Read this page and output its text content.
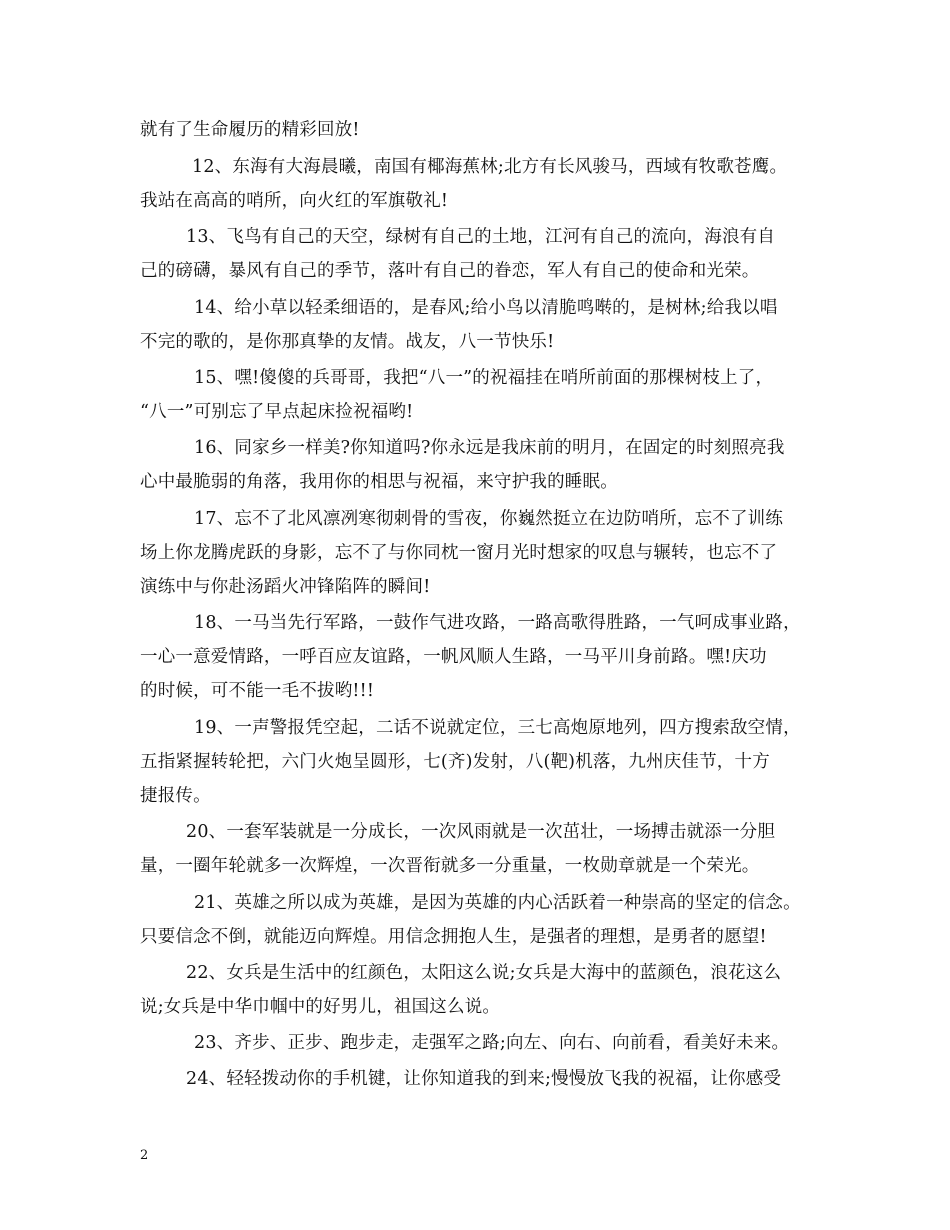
就有了生命履历的精彩回放!
12、东海有大海晨曦，南国有椰海蕉林;北方有长风骏马，西域有牧歌苍鹰。
我站在高高的哨所，向火红的军旗敬礼!
13、飞鸟有自己的天空，绿树有自己的土地，江河有自己的流向，海浪有自
己的磅礴，暴风有自己的季节，落叶有自己的眷恋，军人有自己的使命和光荣。
14、给小草以轻柔细语的，是春风;给小鸟以清脆鸣啭的，是树林;给我以唱
不完的歌的，是你那真挚的友情。战友，八一节快乐!
15、嘿!傻傻的兵哥哥，我把“八一”的祝福挂在哨所前面的那棵树枝上了，
“八一”可别忘了早点起床捡祝福哟!
16、同家乡一样美?你知道吗?你永远是我床前的明月，在固定的时刻照亮我
心中最脆弱的角落，我用你的相思与祝福，来守护我的睡眠。
17、忘不了北风凛冽寒彻刺骨的雪夜，你巍然挺立在边防哨所，忘不了训练
场上你龙腾虎跃的身影，忘不了与你同枕一窗月光时想家的叹息与辗转，也忘不了
演练中与你赴汤蹈火冲锋陷阵的瞬间!
18、一马当先行军路，一鼓作气进攻路，一路高歌得胜路，一气呵成事业路，
一心一意爱情路，一呼百应友谊路，一帆风顺人生路，一马平川身前路。嘿!庆功
的时候，可不能一毛不拔哟!!!
19、一声警报凭空起，二话不说就定位，三七高炮原地列，四方搜索敌空情，
五指紧握转轮把，六门火炮呈圆形，七(齐)发射，八(靶)机落，九州庆佳节，十方
捷报传。
20、一套军装就是一分成长，一次风雨就是一次茁壮，一场搏击就添一分胆
量，一圈年轮就多一次辉煌，一次晋衔就多一分重量，一枚勋章就是一个荣光。
21、英雄之所以成为英雄，是因为英雄的内心活跃着一种崇高的坚定的信念。
只要信念不倒，就能迈向辉煌。用信念拥抱人生，是强者的理想，是勇者的愿望!
22、女兵是生活中的红颜色，太阳这么说;女兵是大海中的蓝颜色，浪花这么
说;女兵是中华巾帼中的好男儿，祖国这么说。
23、齐步、正步、跑步走，走强军之路;向左、向右、向前看，看美好未来。
24、轻轻拨动你的手机键，让你知道我的到来;慢慢放飞我的祝福，让你感受
2
